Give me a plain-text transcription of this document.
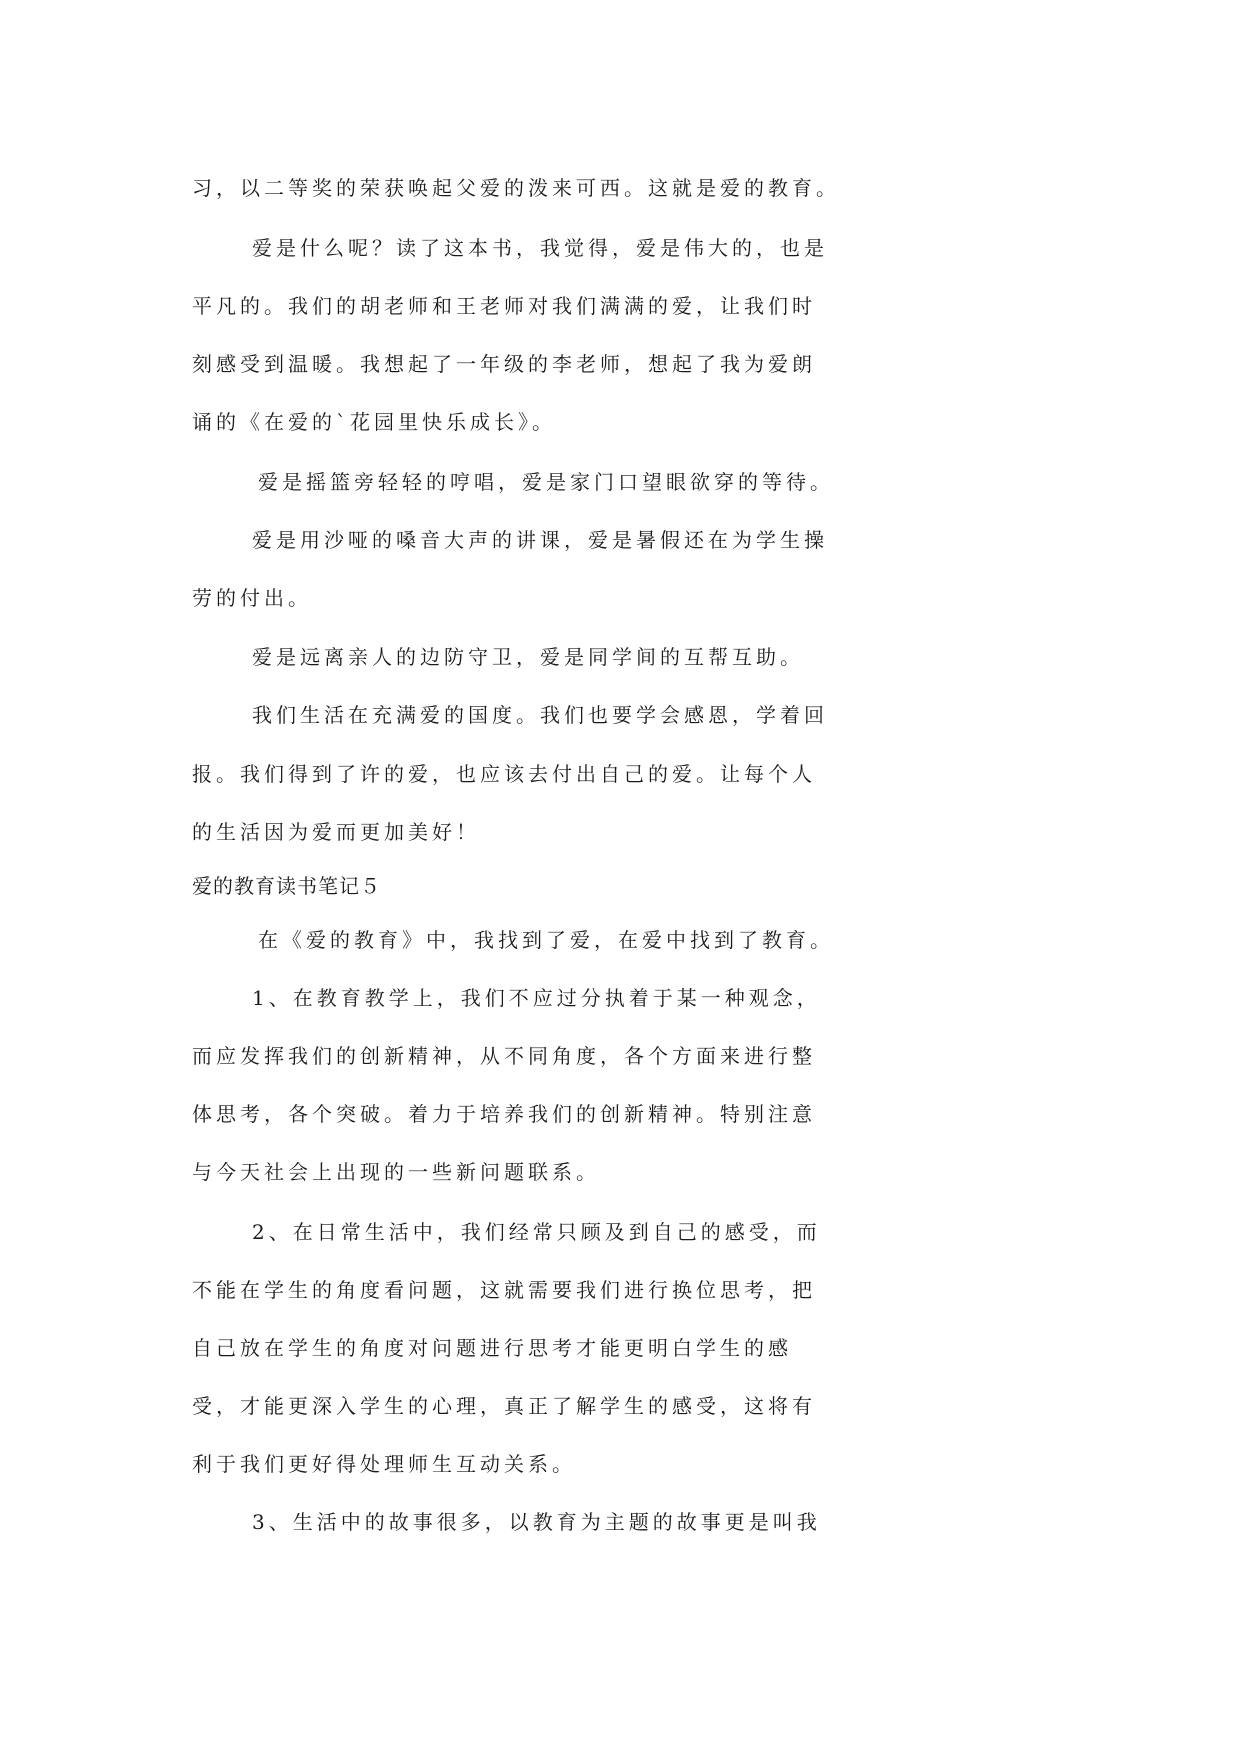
习，以二等奖的荣获唤起父爱的泼来可西。这就是爱的教育。
爱是什么呢？读了这本书，我觉得，爱是伟大的，也是
平凡的。我们的胡老师和王老师对我们满满的爱，让我们时
刻感受到温暖。我想起了一年级的李老师，想起了我为爱朗
诵的《在爱的`花园里快乐成长》。
爱是摇篮旁轻轻的哼唱，爱是家门口望眼欲穿的等待。
爱是用沙哑的嗓音大声的讲课，爱是暑假还在为学生操
劳的付出。
爱是远离亲人的边防守卫，爱是同学间的互帮互助。
我们生活在充满爱的国度。我们也要学会感恩，学着回
报。我们得到了许的爱，也应该去付出自己的爱。让每个人
的生活因为爱而更加美好！
爱的教育读书笔记５
在《爱的教育》中，我找到了爱，在爱中找到了教育。
1、在教育教学上，我们不应过分执着于某一种观念，
而应发挥我们的创新精神，从不同角度，各个方面来进行整
体思考，各个突破。着力于培养我们的创新精神。特别注意
与今天社会上出现的一些新问题联系。
2、在日常生活中，我们经常只顾及到自己的感受，而
不能在学生的角度看问题，这就需要我们进行换位思考，把
自己放在学生的角度对问题进行思考才能更明白学生的感
受，才能更深入学生的心理，真正了解学生的感受，这将有
利于我们更好得处理师生互动关系。
3、生活中的故事很多，以教育为主题的故事更是叫我
